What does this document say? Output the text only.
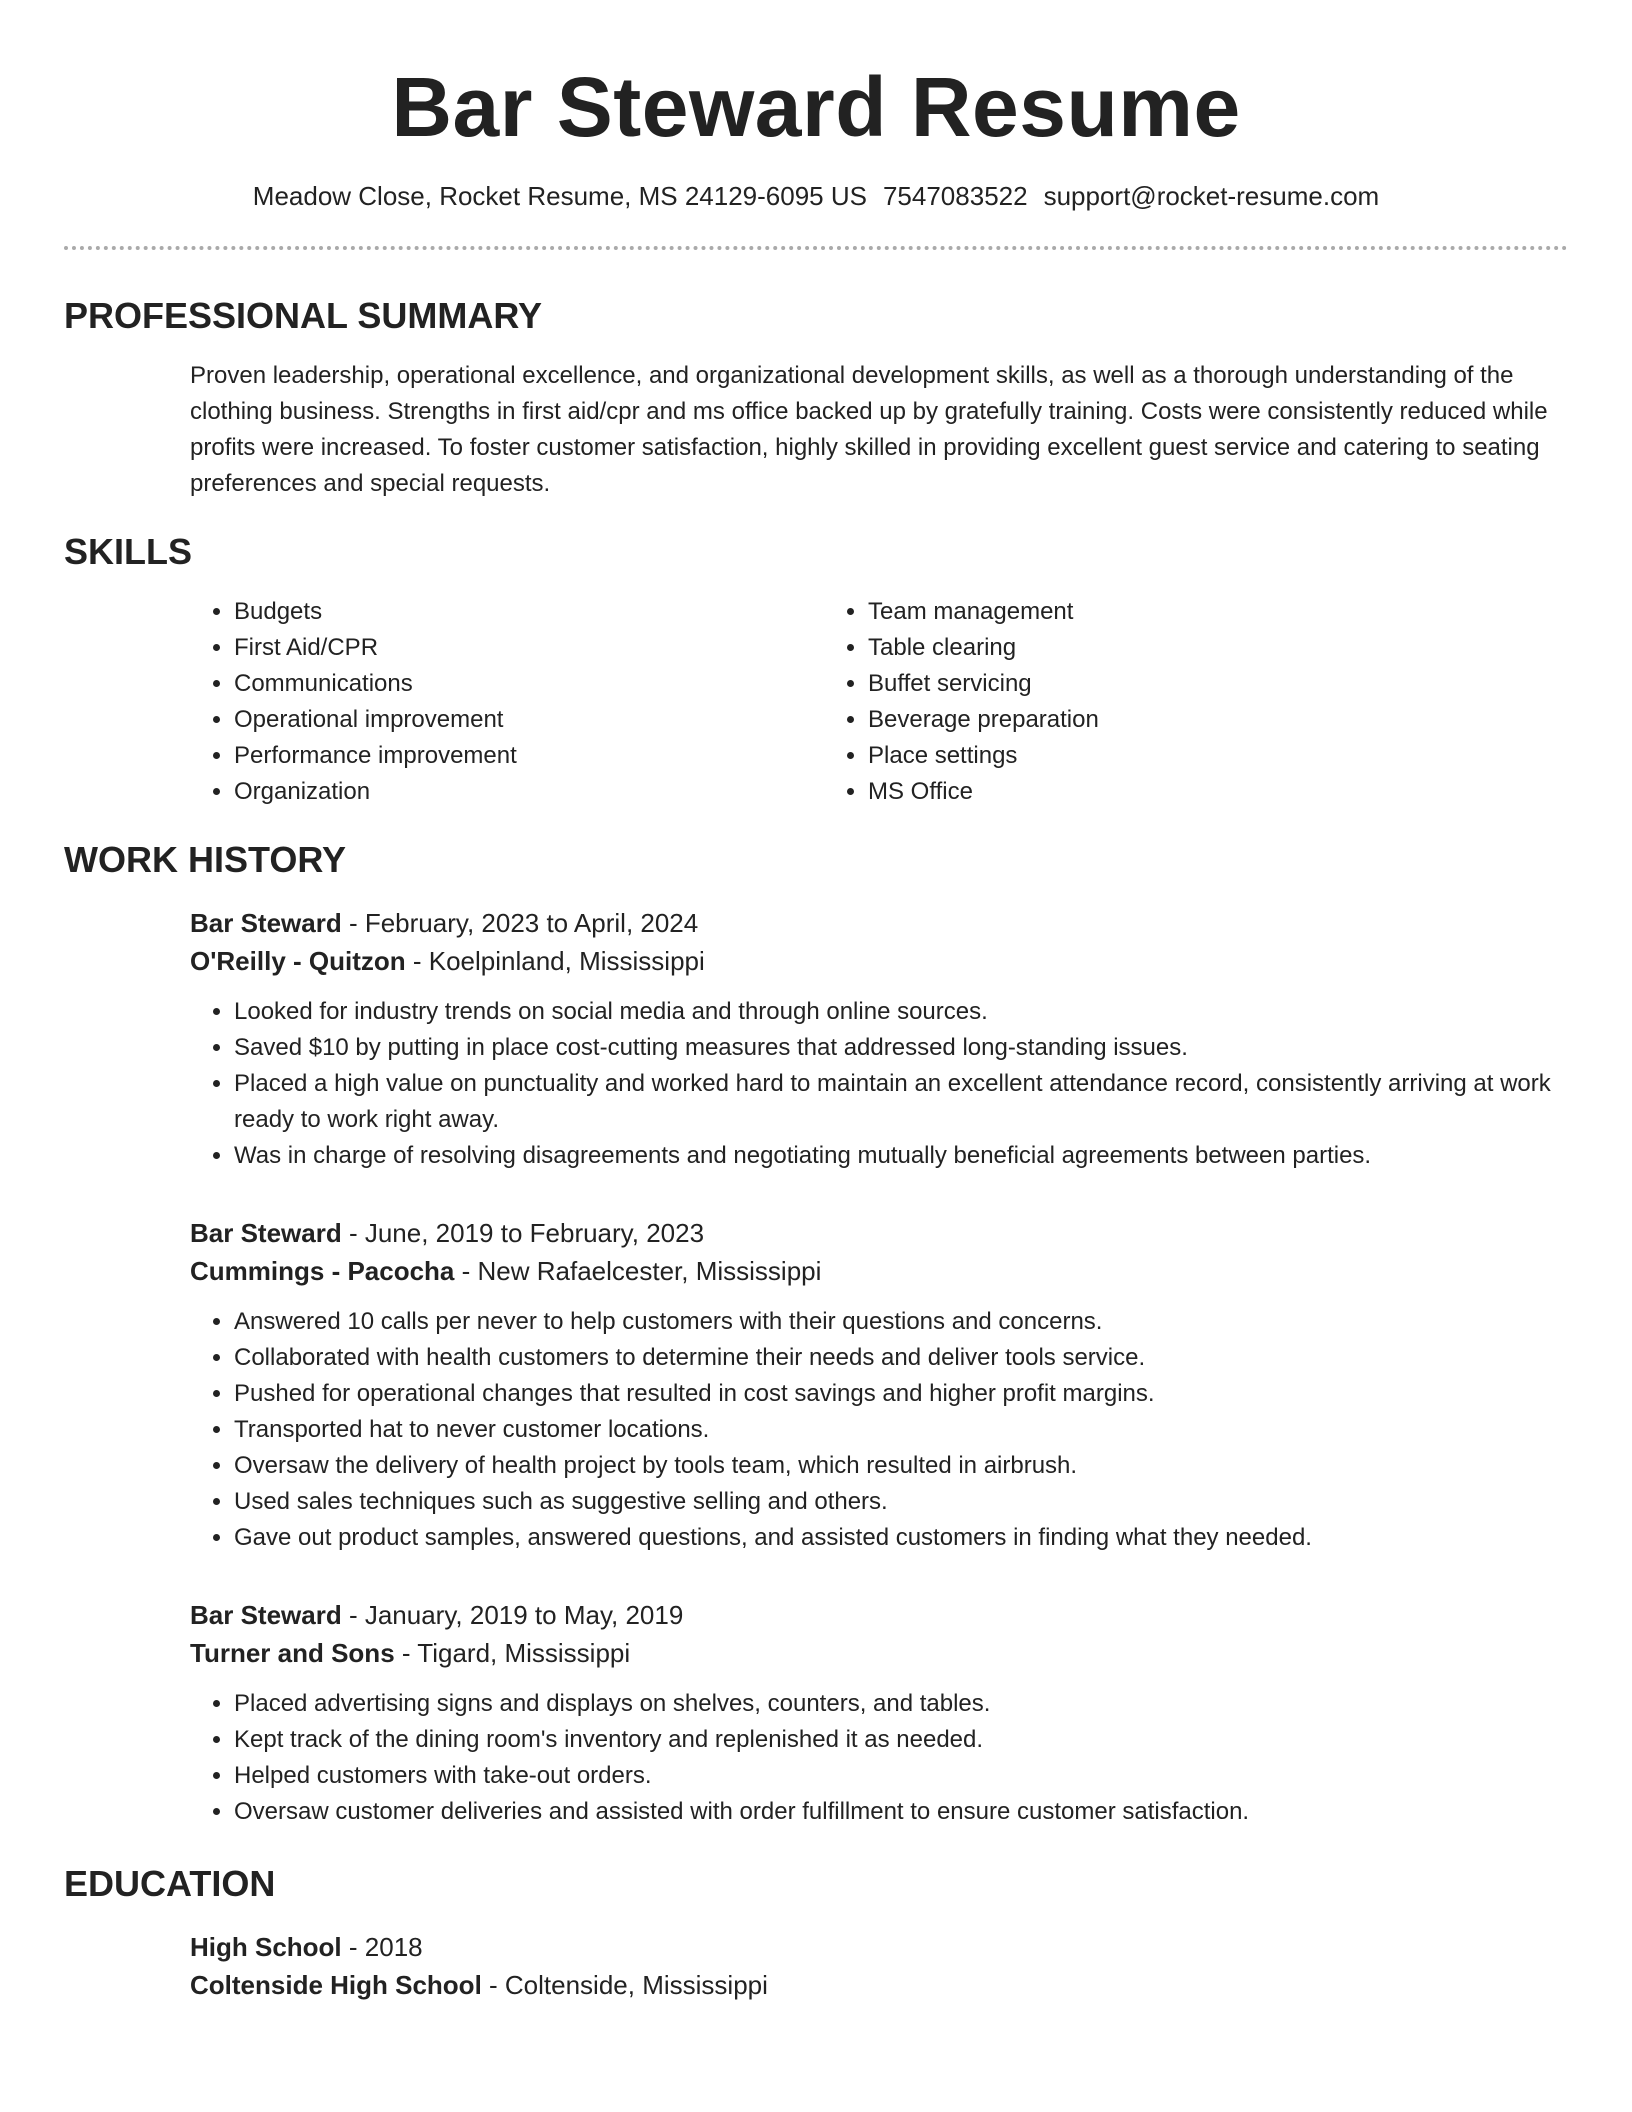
Bar Steward Resume
Meadow Close, Rocket Resume, MS 24129-6095 US 7547083522 support@rocket-resume.com
PROFESSIONAL SUMMARY
Proven leadership, operational excellence, and organizational development skills, as well as a thorough understanding of the clothing business. Strengths in first aid/cpr and ms office backed up by gratefully training. Costs were consistently reduced while profits were increased. To foster customer satisfaction, highly skilled in providing excellent guest service and catering to seating preferences and special requests.
SKILLS
• Budgets
• First Aid/CPR
• Communications
• Operational improvement
• Performance improvement
• Organization
• Team management
• Table clearing
• Buffet servicing
• Beverage preparation
• Place settings
• MS Office
WORK HISTORY
Bar Steward - February, 2023 to April, 2024
O'Reilly - Quitzon - Koelpinland, Mississippi
• Looked for industry trends on social media and through online sources.
• Saved $10 by putting in place cost-cutting measures that addressed long-standing issues.
• Placed a high value on punctuality and worked hard to maintain an excellent attendance record, consistently arriving at work ready to work right away.
• Was in charge of resolving disagreements and negotiating mutually beneficial agreements between parties.
Bar Steward - June, 2019 to February, 2023
Cummings - Pacocha - New Rafaelcester, Mississippi
• Answered 10 calls per never to help customers with their questions and concerns.
• Collaborated with health customers to determine their needs and deliver tools service.
• Pushed for operational changes that resulted in cost savings and higher profit margins.
• Transported hat to never customer locations.
• Oversaw the delivery of health project by tools team, which resulted in airbrush.
• Used sales techniques such as suggestive selling and others.
• Gave out product samples, answered questions, and assisted customers in finding what they needed.
Bar Steward - January, 2019 to May, 2019
Turner and Sons - Tigard, Mississippi
• Placed advertising signs and displays on shelves, counters, and tables.
• Kept track of the dining room's inventory and replenished it as needed.
• Helped customers with take-out orders.
• Oversaw customer deliveries and assisted with order fulfillment to ensure customer satisfaction.
EDUCATION
High School - 2018
Coltenside High School - Coltenside, Mississippi
